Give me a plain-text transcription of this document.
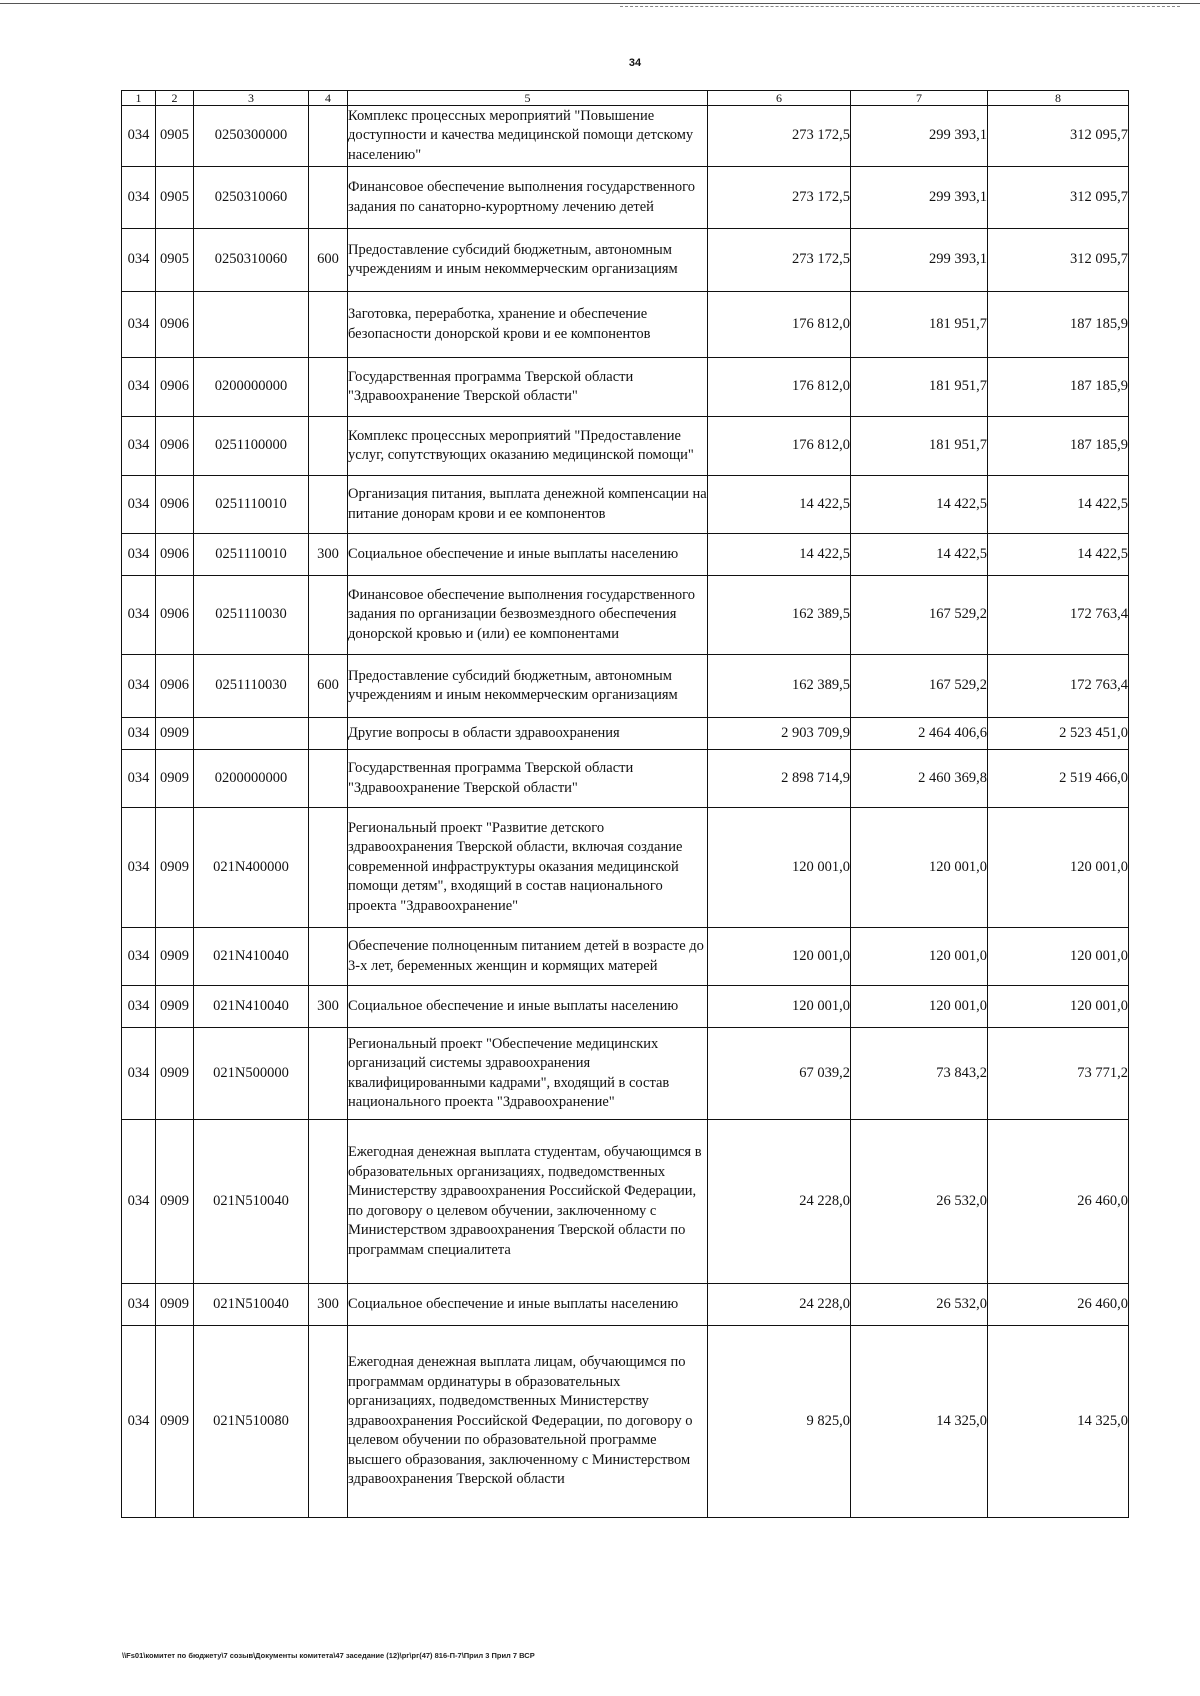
34
1	2	3	4	5	6	7	8
034	0905	0250300000		Комплекс процессных мероприятий "Повышение доступности и качества медицинской помощи детскому населению"	273 172,5	299 393,1	312 095,7
034	0905	0250310060		Финансовое обеспечение выполнения государственного задания по санаторно-курортному лечению детей	273 172,5	299 393,1	312 095,7
034	0905	0250310060	600	Предоставление субсидий бюджетным, автономным учреждениям и иным некоммерческим организациям	273 172,5	299 393,1	312 095,7
034	0906			Заготовка, переработка, хранение и обеспечение безопасности донорской крови и ее компонентов	176 812,0	181 951,7	187 185,9
034	0906	0200000000		Государственная программа Тверской области "Здравоохранение Тверской области"	176 812,0	181 951,7	187 185,9
034	0906	0251100000		Комплекс процессных мероприятий "Предоставление услуг, сопутствующих оказанию медицинской помощи"	176 812,0	181 951,7	187 185,9
034	0906	0251110010		Организация питания, выплата денежной компенсации на питание донорам крови и ее компонентов	14 422,5	14 422,5	14 422,5
034	0906	0251110010	300	Социальное обеспечение и иные выплаты населению	14 422,5	14 422,5	14 422,5
034	0906	0251110030		Финансовое обеспечение выполнения государственного задания по организации безвозмездного обеспечения донорской кровью и (или) ее компонентами	162 389,5	167 529,2	172 763,4
034	0906	0251110030	600	Предоставление субсидий бюджетным, автономным учреждениям и иным некоммерческим организациям	162 389,5	167 529,2	172 763,4
034	0909			Другие вопросы в области здравоохранения	2 903 709,9	2 464 406,6	2 523 451,0
034	0909	0200000000		Государственная программа Тверской области "Здравоохранение Тверской области"	2 898 714,9	2 460 369,8	2 519 466,0
034	0909	021N400000		Региональный проект "Развитие детского здравоохранения Тверской области, включая создание современной инфраструктуры оказания медицинской помощи детям", входящий в состав национального проекта "Здравоохранение"	120 001,0	120 001,0	120 001,0
034	0909	021N410040		Обеспечение полноценным питанием детей в возрасте до 3-х лет, беременных женщин и кормящих матерей	120 001,0	120 001,0	120 001,0
034	0909	021N410040	300	Социальное обеспечение и иные выплаты населению	120 001,0	120 001,0	120 001,0
034	0909	021N500000		Региональный проект "Обеспечение медицинских организаций системы здравоохранения квалифицированными кадрами", входящий в состав национального проекта "Здравоохранение"	67 039,2	73 843,2	73 771,2
034	0909	021N510040		Ежегодная денежная выплата студентам, обучающимся в образовательных организациях, подведомственных Министерству здравоохранения Российской Федерации, по договору о целевом обучении, заключенному с Министерством здравоохранения Тверской области по программам специалитета	24 228,0	26 532,0	26 460,0
034	0909	021N510040	300	Социальное обеспечение и иные выплаты населению	24 228,0	26 532,0	26 460,0
034	0909	021N510080		Ежегодная денежная выплата лицам, обучающимся по программам ординатуры в образовательных организациях, подведомственных Министерству здравоохранения Российской Федерации, по договору о целевом обучении по образовательной программе высшего образования, заключенному с Министерством здравоохранения Тверской области	9 825,0	14 325,0	14 325,0
\\Fs01\комитет по бюджету\7 созыв\Документы комитета\47 заседание (12)\рг\рг(47) 816-П-7\Прил 3 Прил 7 ВСР
